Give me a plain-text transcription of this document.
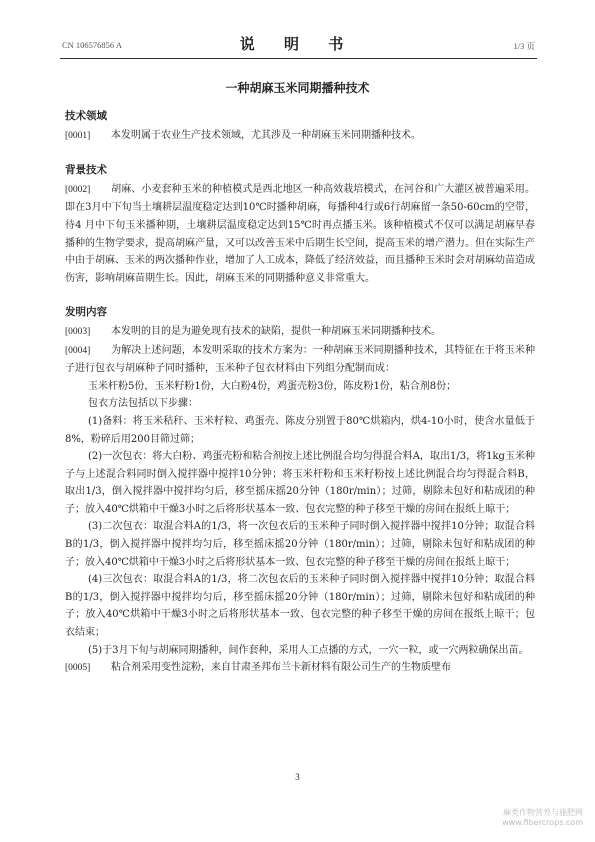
CN 106576856 A	说 明 书	1/3 页
一种胡麻玉米同期播种技术
技术领域

[0001] 本发明属于农业生产技术领域，尤其涉及一种胡麻玉米同期播种技术。

背景技术

[0002] 胡麻、小麦套种玉米的种植模式是西北地区一种高效栽培模式，在河谷和广大灌区被普遍采用。即在3月中下旬当土壤耕层温度稳定达到10℃时播种胡麻，每播种4行或6行胡麻留一条50-60cm的空带，待4 月中下旬玉米播种期，土壤耕层温度稳定达到15℃时再点播玉米。该种植模式不仅可以满足胡麻早春播种的生物学要求，提高胡麻产量，又可以改善玉米中后期生长空间，提高玉米的增产潜力。但在实际生产中由于胡麻、玉米的两次播种作业，增加了人工成本，降低了经济效益，而且播种玉米时会对胡麻幼苗造成伤害，影响胡麻苗期生长。因此，胡麻玉米的同期播种意义非常重大。

发明内容

[0003] 本发明的目的是为避免现有技术的缺陷，提供一种胡麻玉米同期播种技术。

[0004] 为解决上述问题，本发明采取的技术方案为：一种胡麻玉米同期播种技术，其特征在于将玉米种子进行包衣与胡麻种子同时播种，玉米种子包衣材料由下列组分配制而成：

玉米杆粉5份，玉米籽粉1份，大白粉4份，鸡蛋壳粉3份，陈皮粉1份，粘合剂8份；

包衣方法包括以下步骤：

(1)备料：将玉米秸秆、玉米籽粒、鸡蛋壳、陈皮分别置于80℃烘箱内，烘4-10小时，使含水量低于8%，粉碎后用200目筛过筛；

(2)一次包衣：将大白粉、鸡蛋壳粉和粘合剂按上述比例混合均匀得混合料A，取出1/3，将1kg玉米种子与上述混合料同时倒入搅拌器中搅拌10分钟；将玉米杆粉和玉米籽粉按上述比例混合均匀得混合料B，取出1/3，倒入搅拌器中搅拌均匀后，移至摇床摇20分钟（180r/min）；过筛，剔除未包好和粘成团的种子；放入40℃烘箱中干燥3小时之后将形状基本一致、包衣完整的种子移至干燥的房间在报纸上晾干；

(3)二次包衣：取混合料A的1/3，将一次包衣后的玉米种子同时倒入搅拌器中搅拌10分钟；取混合料B的1/3，倒入搅拌器中搅拌均匀后，移至摇床摇20分钟（180r/min）；过筛，剔除未包好和粘成团的种子；放入40℃烘箱中干燥3小时之后将形状基本一致、包衣完整的种子移至干燥的房间在报纸上晾干；

(4)三次包衣：取混合料A的1/3，将二次包衣后的玉米种子同时倒入搅拌器中搅拌10分钟；取混合料B的1/3，倒入搅拌器中搅拌均匀后，移至摇床摇20分钟（180r/min）；过筛，剔除未包好和粘成团的种子；放入40℃烘箱中干燥3小时之后将形状基本一致、包衣完整的种子移至干燥的房间在报纸上晾干；包衣结束；

(5)于3月下旬与胡麻同期播种，间作套种，采用人工点播的方式，一穴一粒，或一穴两粒确保出苗。

[0005] 粘合剂采用变性淀粉，来自甘肃圣邦布兰卡新材料有限公司生产的生物质壁布

3
麻类作物营养与施肥网
www.fibercrops.com
